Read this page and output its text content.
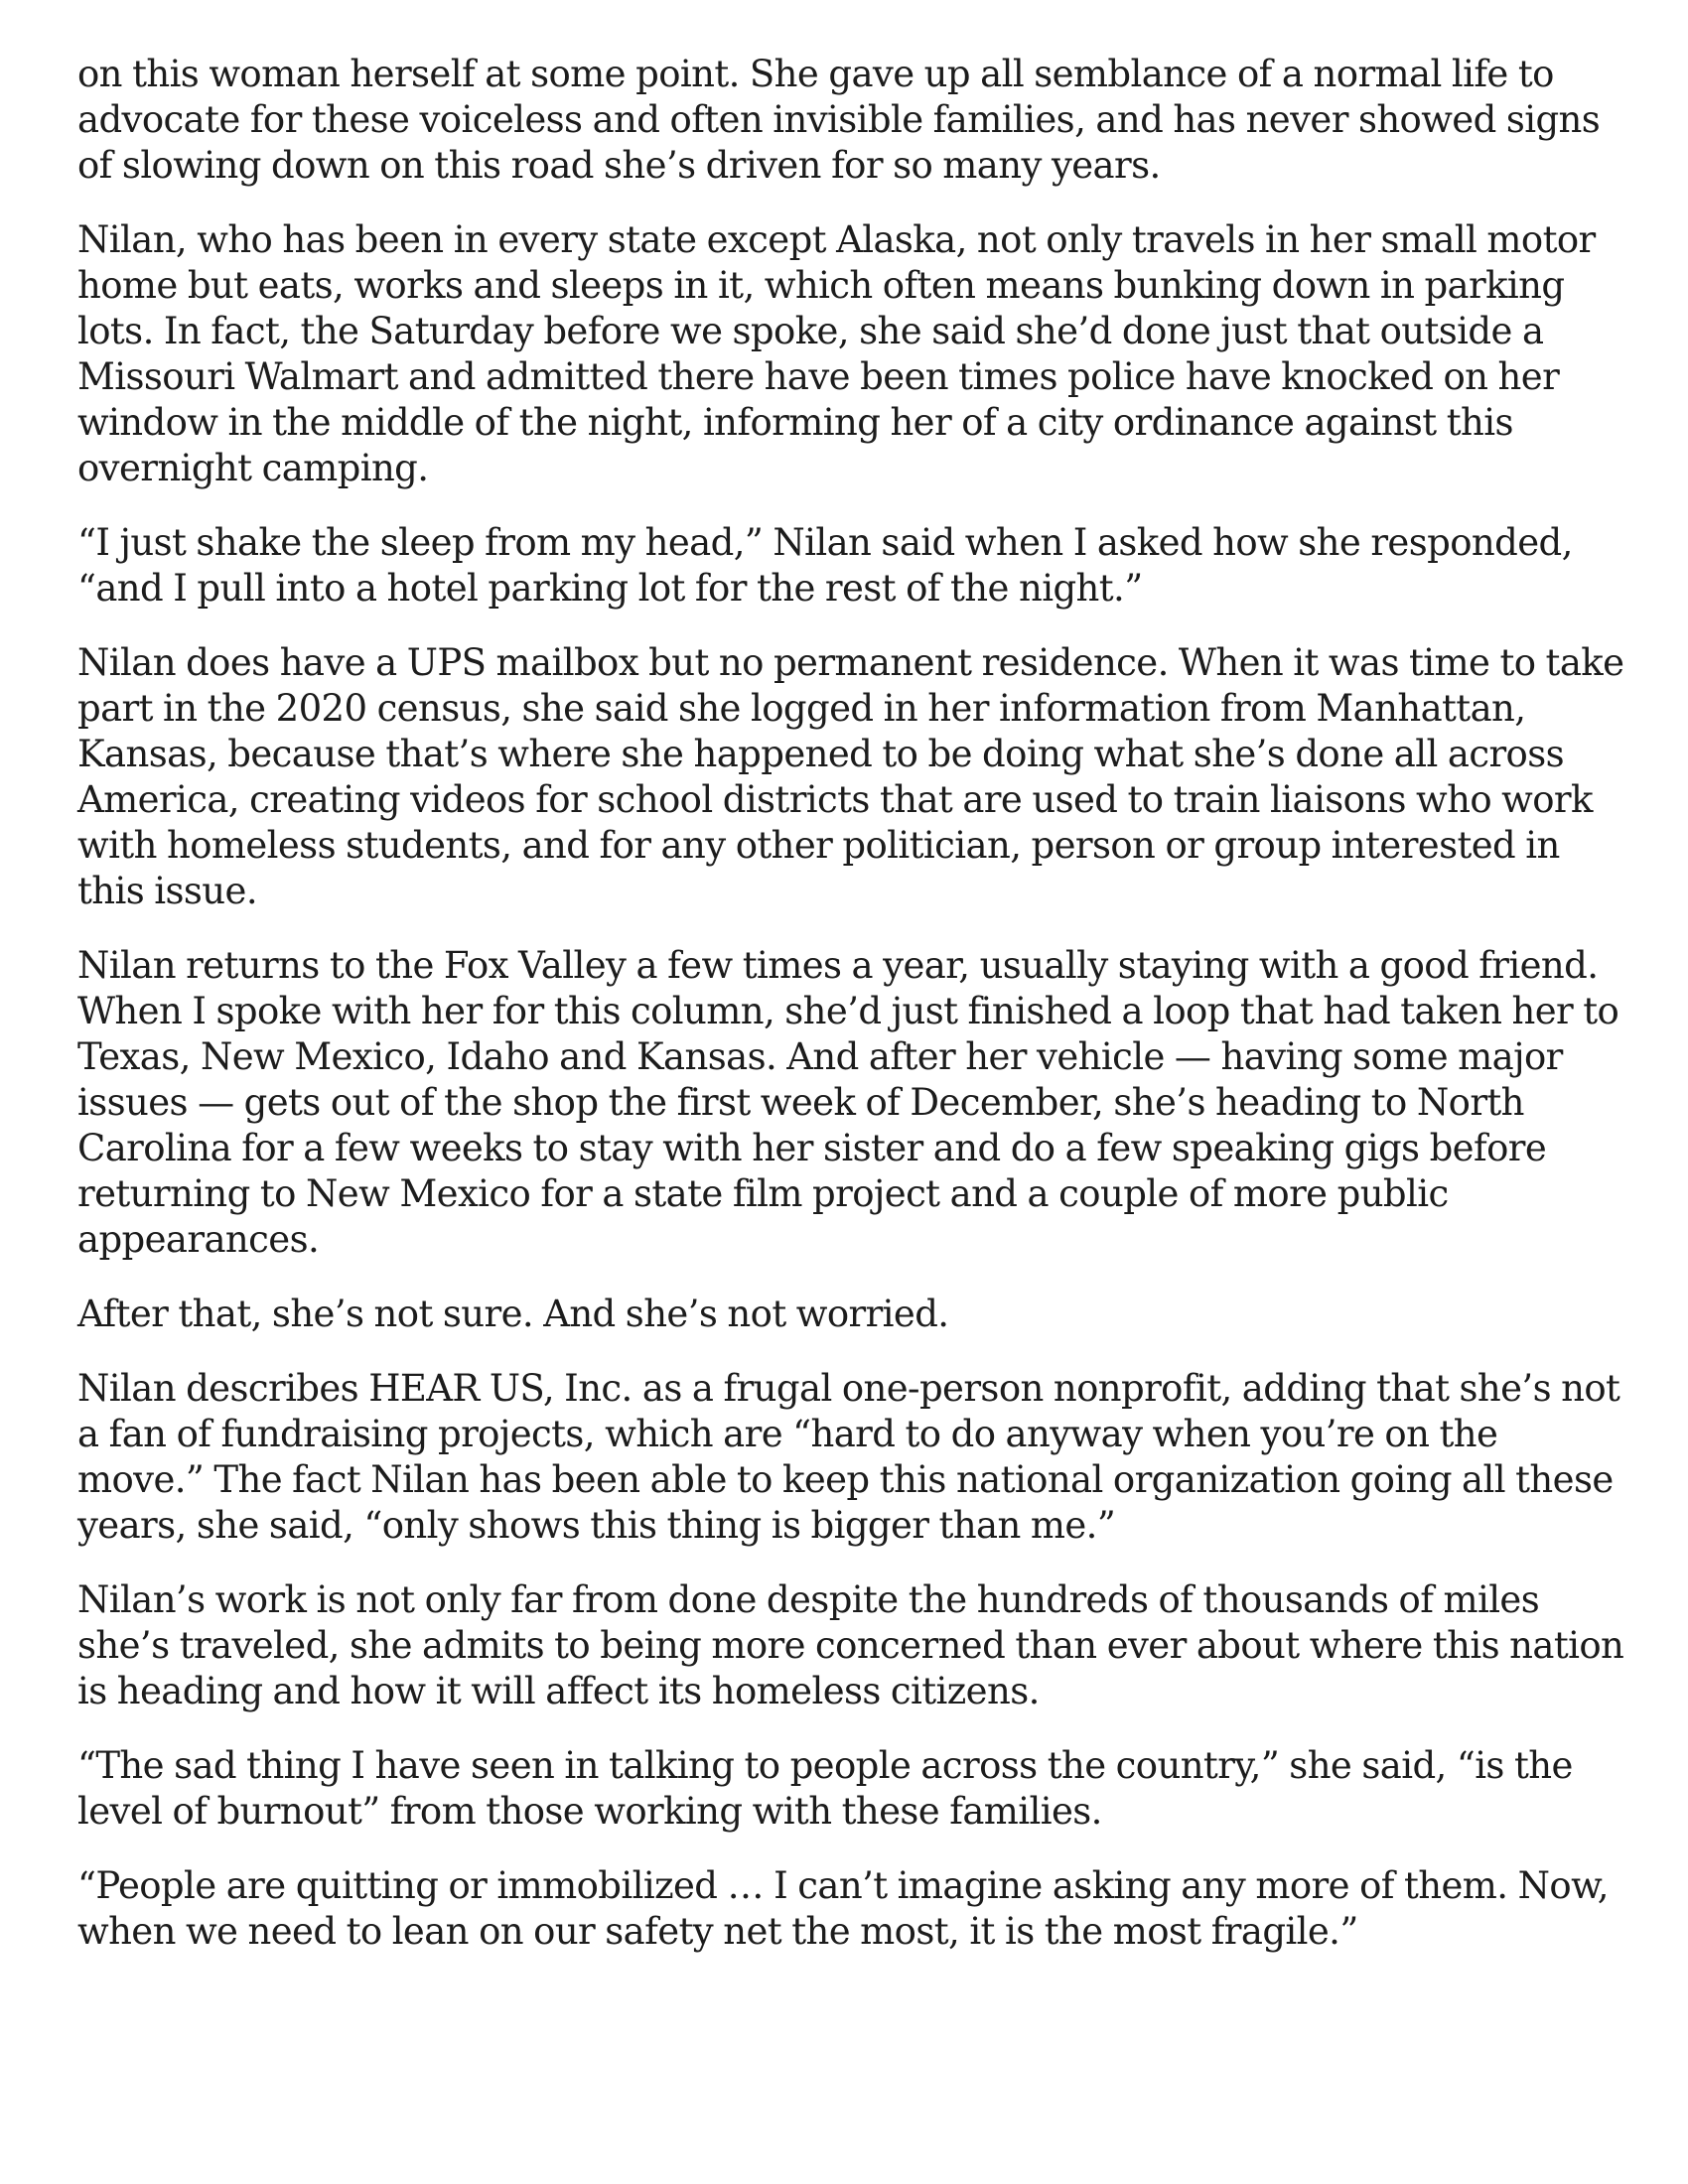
on this woman herself at some point. She gave up all semblance of a normal life to advocate for these voiceless and often invisible families, and has never showed signs of slowing down on this road she’s driven for so many years.

Nilan, who has been in every state except Alaska, not only travels in her small motor home but eats, works and sleeps in it, which often means bunking down in parking lots. In fact, the Saturday before we spoke, she said she’d done just that outside a Missouri Walmart and admitted there have been times police have knocked on her window in the middle of the night, informing her of a city ordinance against this overnight camping.

“I just shake the sleep from my head,” Nilan said when I asked how she responded, “and I pull into a hotel parking lot for the rest of the night.”

Nilan does have a UPS mailbox but no permanent residence. When it was time to take part in the 2020 census, she said she logged in her information from Manhattan, Kansas, because that’s where she happened to be doing what she’s done all across America, creating videos for school districts that are used to train liaisons who work with homeless students, and for any other politician, person or group interested in this issue.

Nilan returns to the Fox Valley a few times a year, usually staying with a good friend. When I spoke with her for this column, she’d just finished a loop that had taken her to Texas, New Mexico, Idaho and Kansas. And after her vehicle — having some major issues — gets out of the shop the first week of December, she’s heading to North Carolina for a few weeks to stay with her sister and do a few speaking gigs before returning to New Mexico for a state film project and a couple of more public appearances.

After that, she’s not sure. And she’s not worried.

Nilan describes HEAR US, Inc. as a frugal one-person nonprofit, adding that she’s not a fan of fundraising projects, which are “hard to do anyway when you’re on the move.” The fact Nilan has been able to keep this national organization going all these years, she said, “only shows this thing is bigger than me.”

Nilan’s work is not only far from done despite the hundreds of thousands of miles she’s traveled, she admits to being more concerned than ever about where this nation is heading and how it will affect its homeless citizens.

“The sad thing I have seen in talking to people across the country,” she said, “is the level of burnout” from those working with these families.

“People are quitting or immobilized … I can’t imagine asking any more of them. Now, when we need to lean on our safety net the most, it is the most fragile.”
